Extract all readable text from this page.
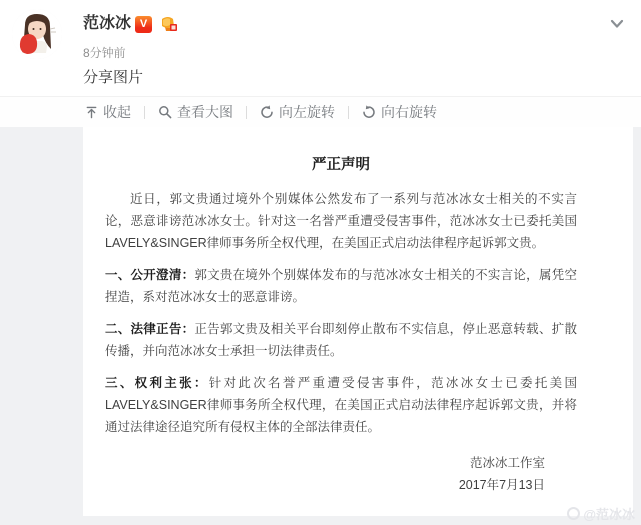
范冰冰 V
8分钟前
分享图片
收起	查看大图	向左旋转	向右旋转
严正声明

近日，郭文贵通过境外个别媒体公然发布了一系列与范冰冰女士相关的不实言论，恶意诽谤范冰冰女士。针对这一名誉严重遭受侵害事件，范冰冰女士已委托美国LAVELY&SINGER律师事务所全权代理，在美国正式启动法律程序起诉郭文贵。

一、公开澄清：郭文贵在境外个别媒体发布的与范冰冰女士相关的不实言论，属凭空捏造，系对范冰冰女士的恶意诽谤。

二、法律正告：正告郭文贵及相关平台即刻停止散布不实信息，停止恶意转载、扩散传播，并向范冰冰女士承担一切法律责任。

三、权利主张：针对此次名誉严重遭受侵害事件，范冰冰女士已委托美国LAVELY&SINGER律师事务所全权代理，在美国正式启动法律程序起诉郭文贵，并将通过法律途径追究所有侵权主体的全部法律责任。

范冰冰工作室
2017年7月13日
@范冰冰
